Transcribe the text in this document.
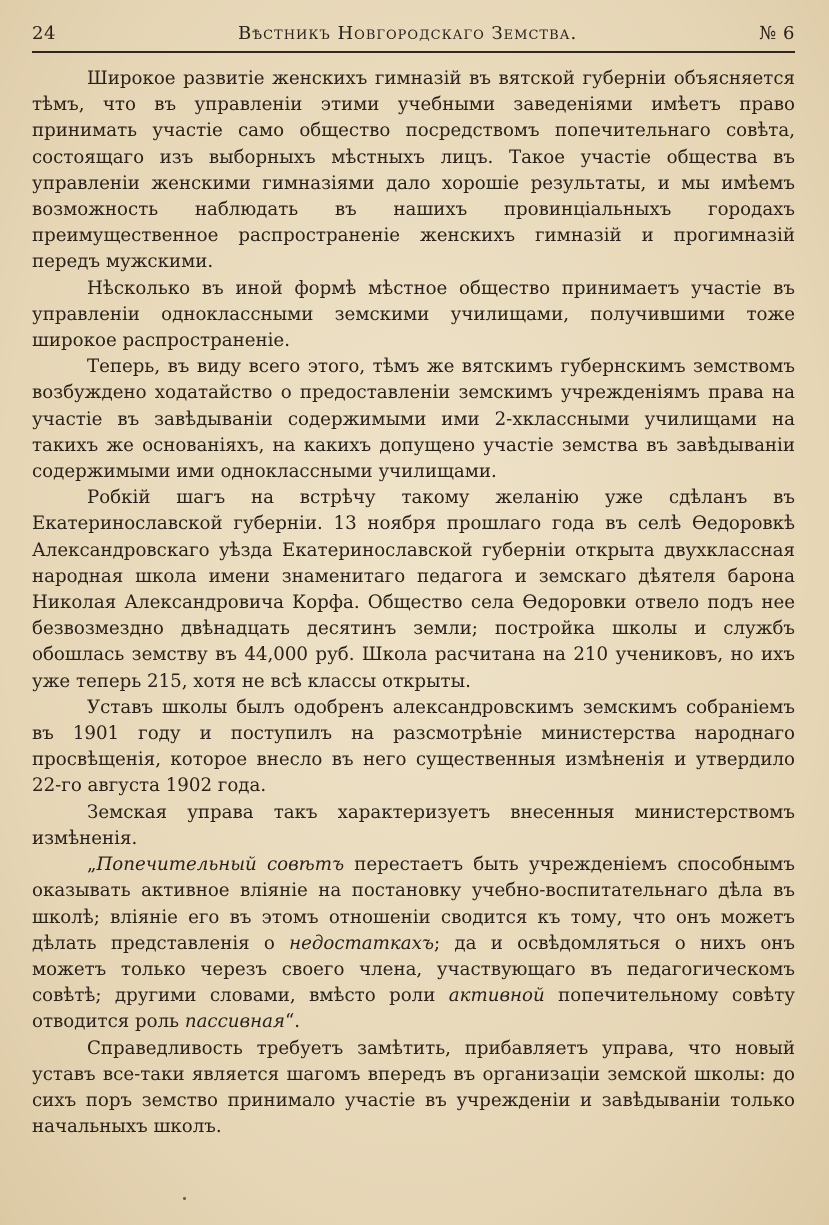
24	Вѣстникъ Новгородскаго Земства.	№ 6

Широкое развитіе женскихъ гимназій въ вятской губерніи объясняется тѣмъ, что въ управленіи этими учебными заведеніями имѣетъ право принимать участіе само общество посредствомъ попечительнаго совѣта, состоящаго изъ выборныхъ мѣстныхъ лицъ. Такое участіе общества въ управленіи женскими гимназіями дало хорошіе результаты, и мы имѣемъ возможность наблюдать въ нашихъ провинціальныхъ городахъ преимущественное распространеніе женскихъ гимназій и прогимназій передъ мужскими.

Нѣсколько въ иной формѣ мѣстное общество принимаетъ участіе въ управленіи одноклассными земскими училищами, получившими тоже широкое распространеніе.

Теперь, въ виду всего этого, тѣмъ же вятскимъ губернскимъ земствомъ возбуждено ходатайство о предоставленіи земскимъ учрежденіямъ права на участіе въ завѣдываніи содержимыми ими 2-хклассными училищами на такихъ же основаніяхъ, на какихъ допущено участіе земства въ завѣдываніи содержимыми ими одноклассными училищами.

Робкій шагъ на встрѣчу такому желанію уже сдѣланъ въ Екатеринославской губерніи. 13 ноября прошлаго года въ селѣ Ѳедоровкѣ Александровскаго уѣзда Екатеринославской губерніи открыта двухклассная народная школа имени знаменитаго педагога и земскаго дѣятеля барона Николая Александровича Корфа. Общество села Ѳедоровки отвело подъ нее безвозмездно двѣнадцать десятинъ земли; постройка школы и службъ обошлась земству въ 44,000 руб. Школа расчитана на 210 учениковъ, но ихъ уже теперь 215, хотя не всѣ классы открыты.

Уставъ школы былъ одобренъ александровскимъ земскимъ собраніемъ въ 1901 году и поступилъ на разсмотрѣніе министерства народнаго просвѣщенія, которое внесло въ него существенныя измѣненія и утвердило 22-го августа 1902 года.

Земская управа такъ характеризуетъ внесенныя министерствомъ измѣненія.

„Попечительный совѣтъ перестаетъ быть учрежденіемъ способнымъ оказывать активное вліяніе на постановку учебно-воспитательнаго дѣла въ школѣ; вліяніе его въ этомъ отношеніи сводится къ тому, что онъ можетъ дѣлать представленія о недостаткахъ; да и освѣдомляться о нихъ онъ можетъ только черезъ своего члена, участвующаго въ педагогическомъ совѣтѣ; другими словами, вмѣсто роли активной попечительному совѣту отводится роль пассивная“.

Справедливость требуетъ замѣтить, прибавляетъ управа, что новый уставъ все-таки является шагомъ впередъ въ организаціи земской школы: до сихъ поръ земство принимало участіе въ учрежденіи и завѣдываніи только начальныхъ школъ.
